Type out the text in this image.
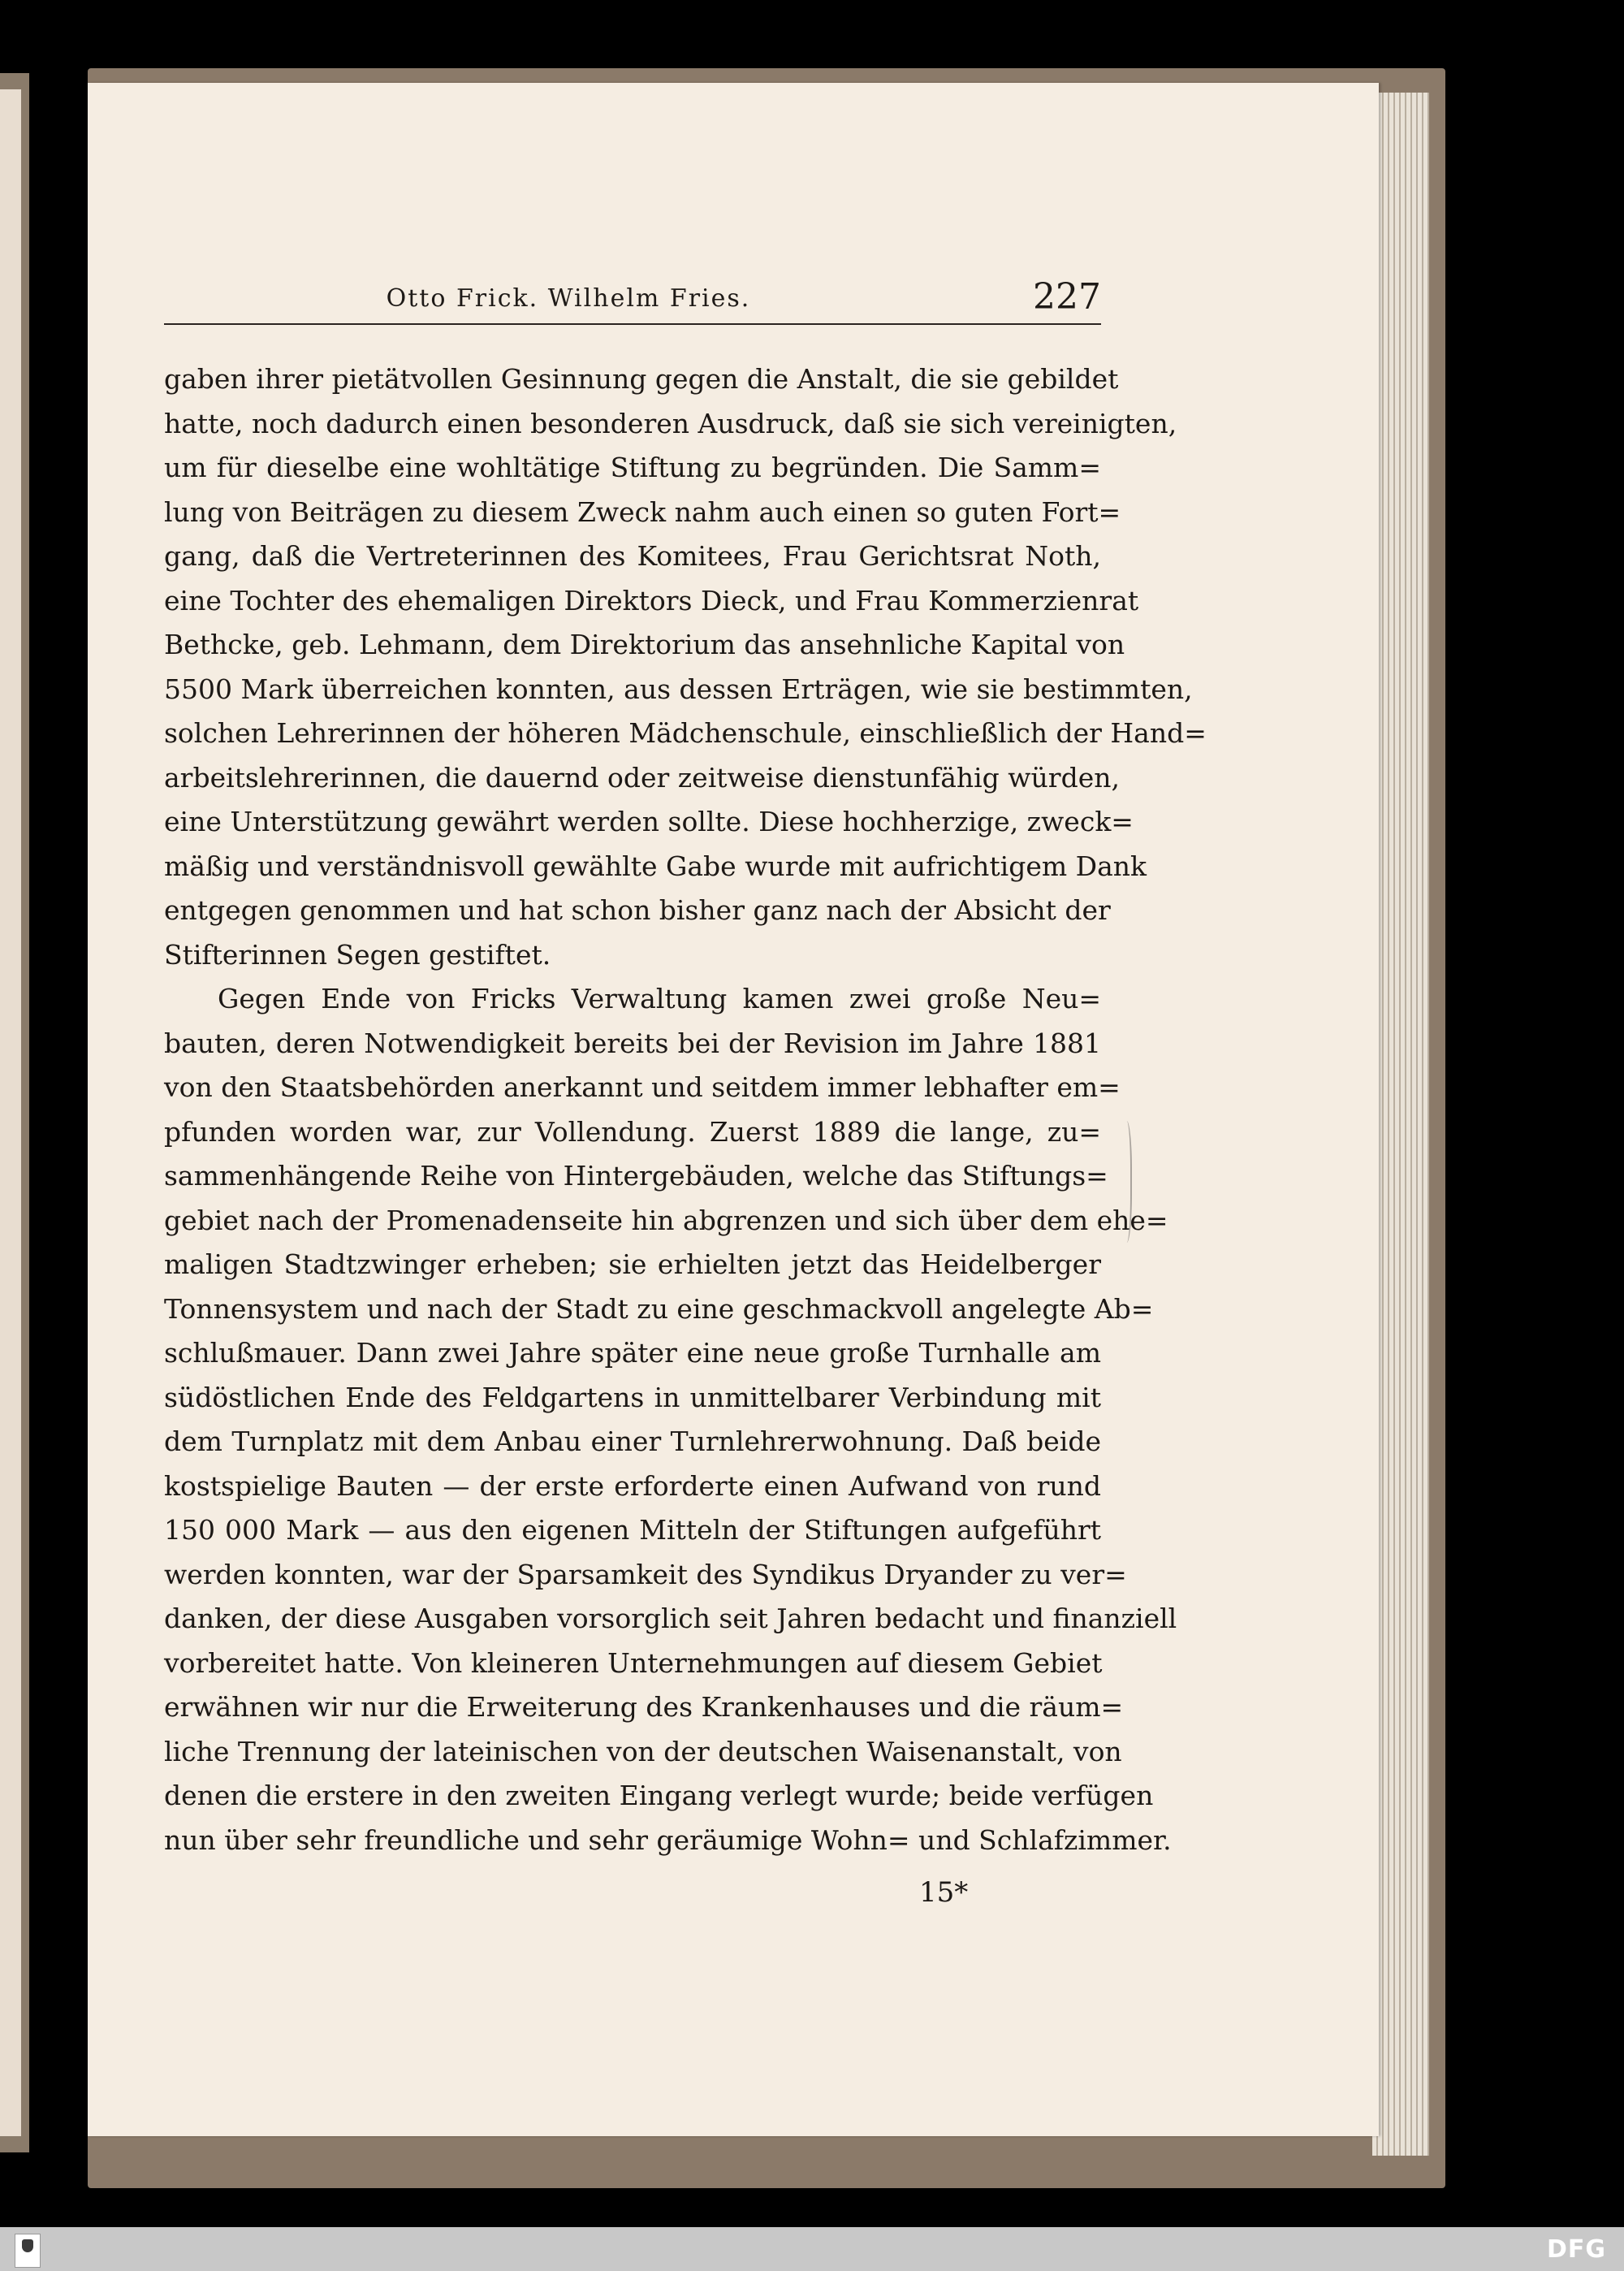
Otto Frick. Wilhelm Fries.	227
gaben ihrer pietätvollen Gesinnung gegen die Anstalt, die sie gebildet
hatte, noch dadurch einen besonderen Ausdruck, daß sie sich vereinigten,
um für dieselbe eine wohltätige Stiftung zu begründen. Die Samm=
lung von Beiträgen zu diesem Zweck nahm auch einen so guten Fort=
gang, daß die Vertreterinnen des Komitees, Frau Gerichtsrat Noth,
eine Tochter des ehemaligen Direktors Dieck, und Frau Kommerzienrat
Bethcke, geb. Lehmann, dem Direktorium das ansehnliche Kapital von
5500 Mark überreichen konnten, aus dessen Erträgen, wie sie bestimmten,
solchen Lehrerinnen der höheren Mädchenschule, einschließlich der Hand=
arbeitslehrerinnen, die dauernd oder zeitweise dienstunfähig würden,
eine Unterstützung gewährt werden sollte. Diese hochherzige, zweck=
mäßig und verständnisvoll gewählte Gabe wurde mit aufrichtigem Dank
entgegen genommen und hat schon bisher ganz nach der Absicht der
Stifterinnen Segen gestiftet.
Gegen Ende von Fricks Verwaltung kamen zwei große Neu=
bauten, deren Notwendigkeit bereits bei der Revision im Jahre 1881
von den Staatsbehörden anerkannt und seitdem immer lebhafter em=
pfunden worden war, zur Vollendung. Zuerst 1889 die lange, zu=
sammenhängende Reihe von Hintergebäuden, welche das Stiftungs=
gebiet nach der Promenadenseite hin abgrenzen und sich über dem ehe=
maligen Stadtzwinger erheben; sie erhielten jetzt das Heidelberger
Tonnensystem und nach der Stadt zu eine geschmackvoll angelegte Ab=
schlußmauer. Dann zwei Jahre später eine neue große Turnhalle am
südöstlichen Ende des Feldgartens in unmittelbarer Verbindung mit
dem Turnplatz mit dem Anbau einer Turnlehrerwohnung. Daß beide
kostspielige Bauten — der erste erforderte einen Aufwand von rund
150 000 Mark — aus den eigenen Mitteln der Stiftungen aufgeführt
werden konnten, war der Sparsamkeit des Syndikus Dryander zu ver=
danken, der diese Ausgaben vorsorglich seit Jahren bedacht und finanziell
vorbereitet hatte. Von kleineren Unternehmungen auf diesem Gebiet
erwähnen wir nur die Erweiterung des Krankenhauses und die räum=
liche Trennung der lateinischen von der deutschen Waisenanstalt, von
denen die erstere in den zweiten Eingang verlegt wurde; beide verfügen
nun über sehr freundliche und sehr geräumige Wohn= und Schlafzimmer.
15*
DFG
